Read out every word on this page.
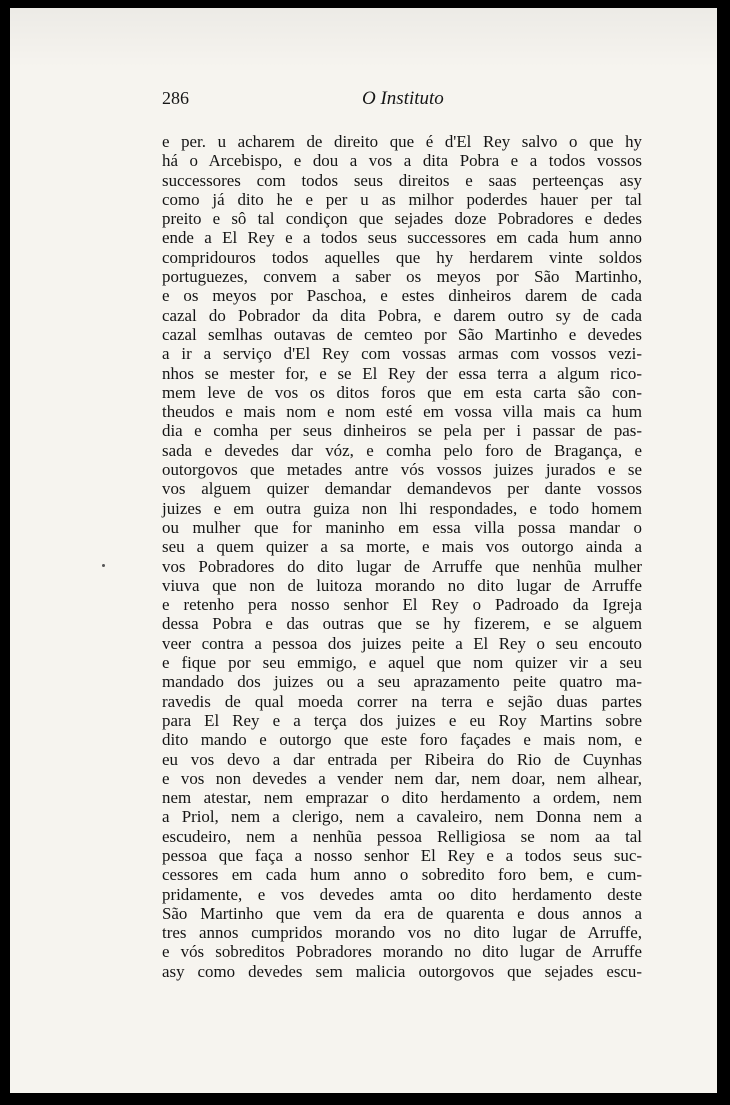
286	O Instituto
e per. u acharem de direito que é d'El Rey salvo o que hy
há o Arcebispo, e dou a vos a dita Pobra e a todos vossos
successores com todos seus direitos e saas perteenças asy
como já dito he e per u as milhor poderdes hauer per tal
preito e sô tal condiçon que sejades doze Pobradores e dedes
ende a El Rey e a todos seus successores em cada hum anno
compridouros todos aquelles que hy herdarem vinte soldos
portuguezes, convem a saber os meyos por São Martinho,
e os meyos por Paschoa, e estes dinheiros darem de cada
cazal do Pobrador da dita Pobra, e darem outro sy de cada
cazal semlhas outavas de cemteo por São Martinho e devedes
a ir a serviço d'El Rey com vossas armas com vossos vezi-
nhos se mester for, e se El Rey der essa terra a algum rico-
mem leve de vos os ditos foros que em esta carta são con-
theudos e mais nom e nom esté em vossa villa mais ca hum
dia e comha per seus dinheiros se pela per i passar de pas-
sada e devedes dar vóz, e comha pelo foro de Bragança, e
outorgovos que metades antre vós vossos juizes jurados e se
vos alguem quizer demandar demandevos per dante vossos
juizes e em outra guiza non lhi respondades, e todo homem
ou mulher que for maninho em essa villa possa mandar o
seu a quem quizer a sa morte, e mais vos outorgo ainda a
vos Pobradores do dito lugar de Arruffe que nenhũa mulher
viuva que non de luitoza morando no dito lugar de Arruffe
e retenho pera nosso senhor El Rey o Padroado da Igreja
dessa Pobra e das outras que se hy fizerem, e se alguem
veer contra a pessoa dos juizes peite a El Rey o seu encouto
e fique por seu emmigo, e aquel que nom quizer vir a seu
mandado dos juizes ou a seu aprazamento peite quatro ma-
ravedis de qual moeda correr na terra e sejão duas partes
para El Rey e a terça dos juizes e eu Roy Martins sobre
dito mando e outorgo que este foro façades e mais nom, e
eu vos devo a dar entrada per Ribeira do Rio de Cuynhas
e vos non devedes a vender nem dar, nem doar, nem alhear,
nem atestar, nem emprazar o dito herdamento a ordem, nem
a Priol, nem a clerigo, nem a cavaleiro, nem Donna nem a
escudeiro, nem a nenhũa pessoa Relligiosa se nom aa tal
pessoa que faça a nosso senhor El Rey e a todos seus suc-
cessores em cada hum anno o sobredito foro bem, e cum-
pridamente, e vos devedes amta oo dito herdamento deste
São Martinho que vem da era de quarenta e dous annos a
tres annos cumpridos morando vos no dito lugar de Arruffe,
e vós sobreditos Pobradores morando no dito lugar de Arruffe
asy como devedes sem malicia outorgovos que sejades escu-
